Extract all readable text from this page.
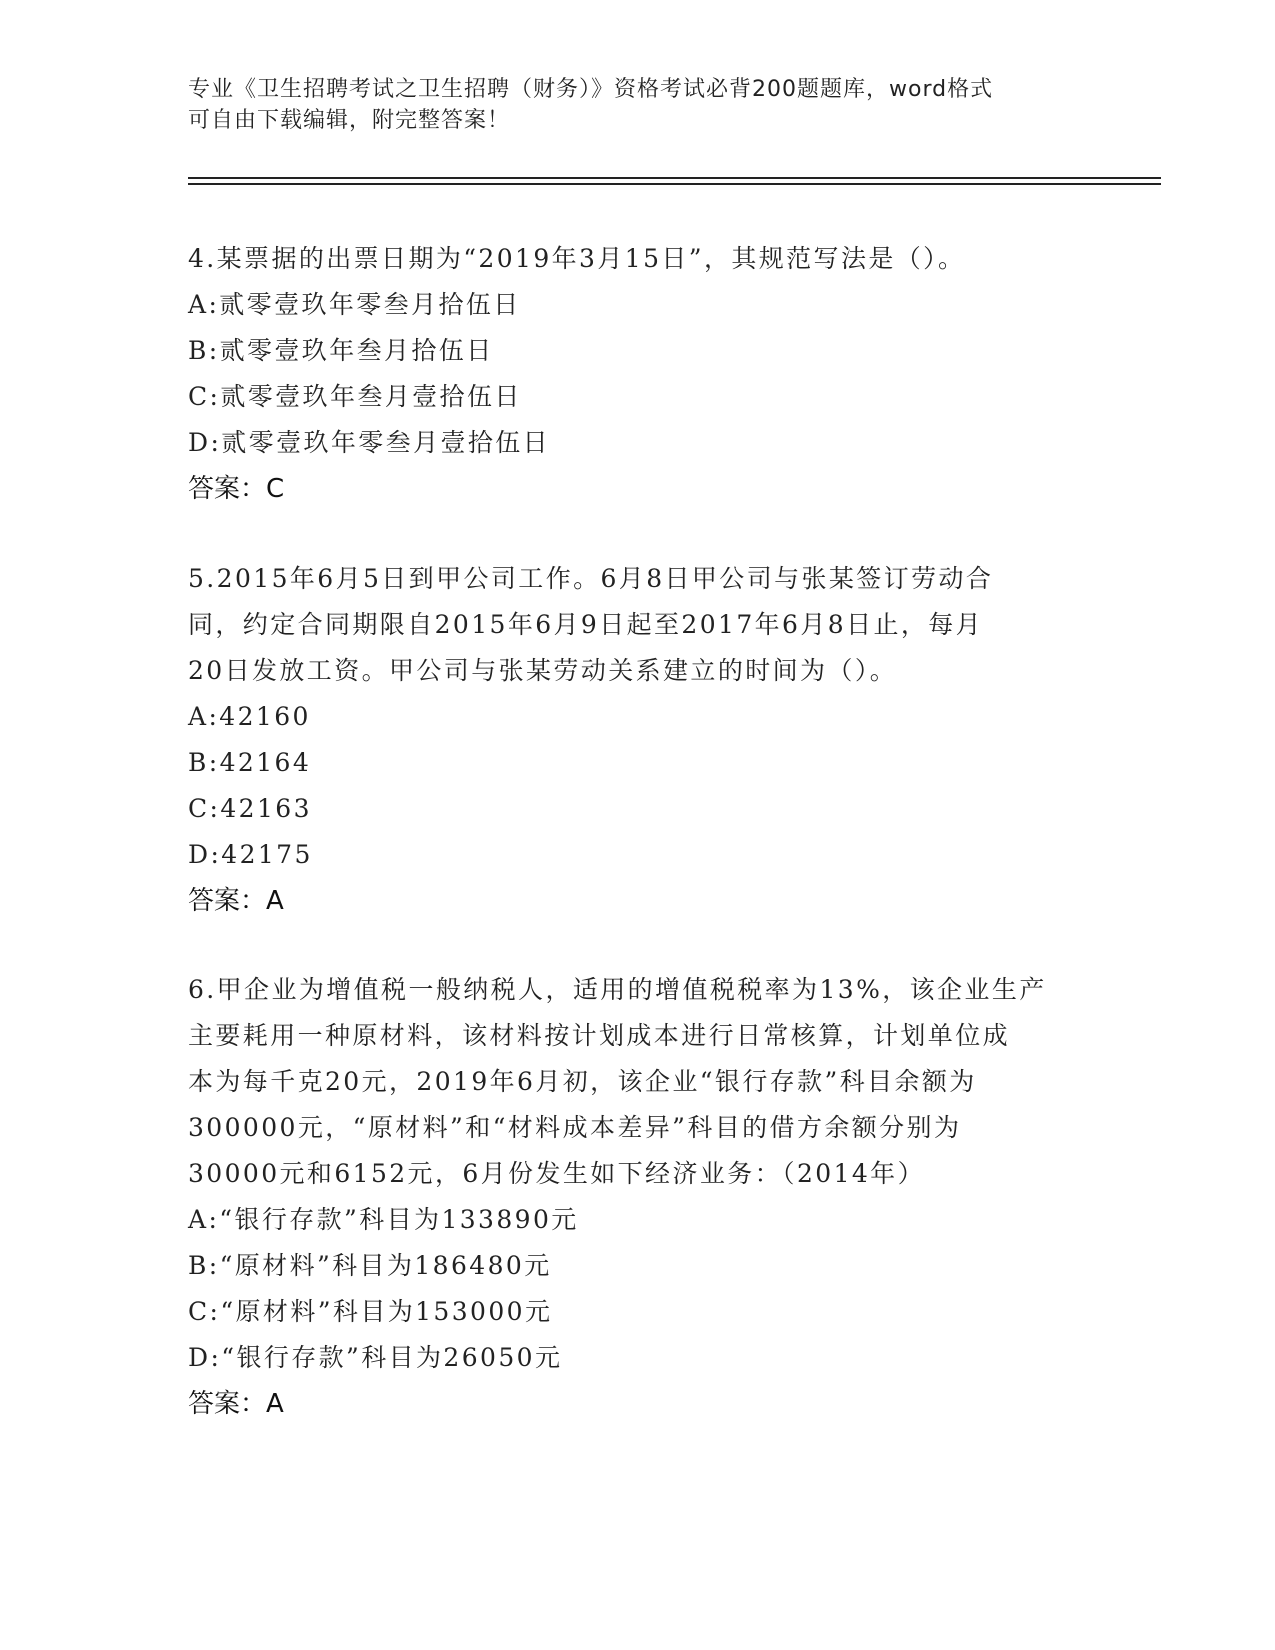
专业《卫生招聘考试之卫生招聘（财务）》资格考试必背200题题库，word格式
可自由下载编辑，附完整答案！
4.某票据的出票日期为“2019年3月15日”，其规范写法是（）。
A:贰零壹玖年零叁月拾伍日
B:贰零壹玖年叁月拾伍日
C:贰零壹玖年叁月壹拾伍日
D:贰零壹玖年零叁月壹拾伍日
答案：C
5.2015年6月5日到甲公司工作。6月8日甲公司与张某签订劳动合
同，约定合同期限自2015年6月9日起至2017年6月8日止，每月
20日发放工资。甲公司与张某劳动关系建立的时间为（）。
A:42160
B:42164
C:42163
D:42175
答案：A
6.甲企业为增值税一般纳税人，适用的增值税税率为13%，该企业生产
主要耗用一种原材料，该材料按计划成本进行日常核算，计划单位成
本为每千克20元，2019年6月初，该企业“银行存款”科目余额为
300000元，“原材料”和“材料成本差异”科目的借方余额分别为
30000元和6152元，6月份发生如下经济业务：（2014年）
A:“银行存款”科目为133890元
B:“原材料”科目为186480元
C:“原材料”科目为153000元
D:“银行存款”科目为26050元
答案：A
